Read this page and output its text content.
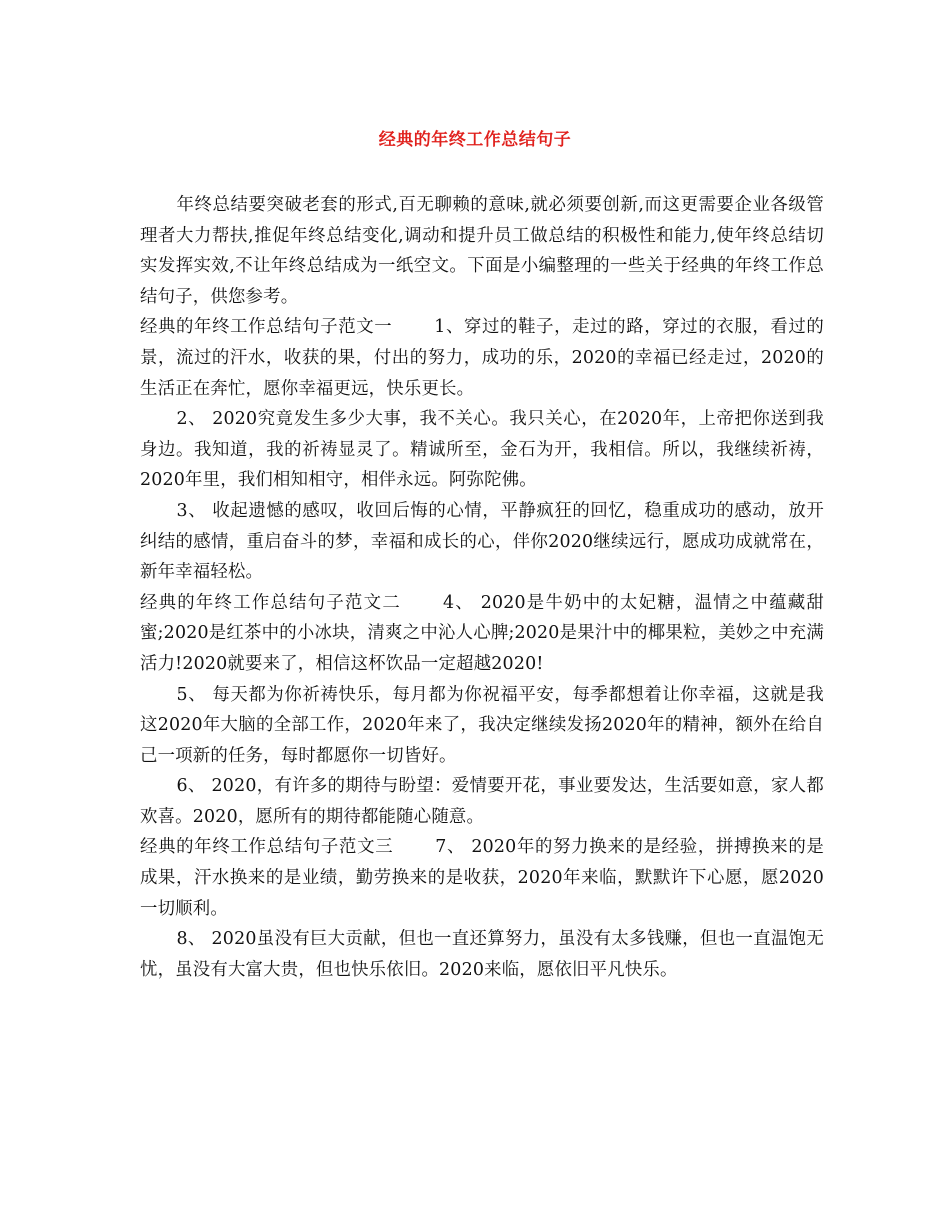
经典的年终工作总结句子

年终总结要突破老套的形式,百无聊赖的意味,就必须要创新,而这更需要企业各级管理者大力帮扶,推促年终总结变化,调动和提升员工做总结的积极性和能力,使年终总结切实发挥实效,不让年终总结成为一纸空文。下面是小编整理的一些关于经典的年终工作总结句子，供您参考。

经典的年终工作总结句子范文一 1、穿过的鞋子，走过的路，穿过的衣服，看过的景，流过的汗水，收获的果，付出的努力，成功的乐，2020的幸福已经走过，2020的生活正在奔忙，愿你幸福更远，快乐更长。

2、 2020究竟发生多少大事，我不关心。我只关心，在2020年，上帝把你送到我身边。我知道，我的祈祷显灵了。精诚所至，金石为开，我相信。所以，我继续祈祷，2020年里，我们相知相守，相伴永远。阿弥陀佛。

3、 收起遗憾的感叹，收回后悔的心情，平静疯狂的回忆，稳重成功的感动，放开纠结的感情，重启奋斗的梦，幸福和成长的心，伴你2020继续远行，愿成功成就常在，新年幸福轻松。

经典的年终工作总结句子范文二 4、 2020是牛奶中的太妃糖，温情之中蕴藏甜蜜;2020是红茶中的小冰块，清爽之中沁人心脾;2020是果汁中的椰果粒，美妙之中充满活力!2020就要来了，相信这杯饮品一定超越2020!

5、 每天都为你祈祷快乐，每月都为你祝福平安，每季都想着让你幸福，这就是我这2020年大脑的全部工作，2020年来了，我决定继续发扬2020年的精神，额外在给自己一项新的任务，每时都愿你一切皆好。

6、 2020，有许多的期待与盼望：爱情要开花，事业要发达，生活要如意，家人都欢喜。2020，愿所有的期待都能随心随意。

经典的年终工作总结句子范文三 7、 2020年的努力换来的是经验，拼搏换来的是成果，汗水换来的是业绩，勤劳换来的是收获，2020年来临，默默许下心愿，愿2020一切顺利。

8、 2020虽没有巨大贡献，但也一直还算努力，虽没有太多钱赚，但也一直温饱无忧，虽没有大富大贵，但也快乐依旧。2020来临，愿依旧平凡快乐。
